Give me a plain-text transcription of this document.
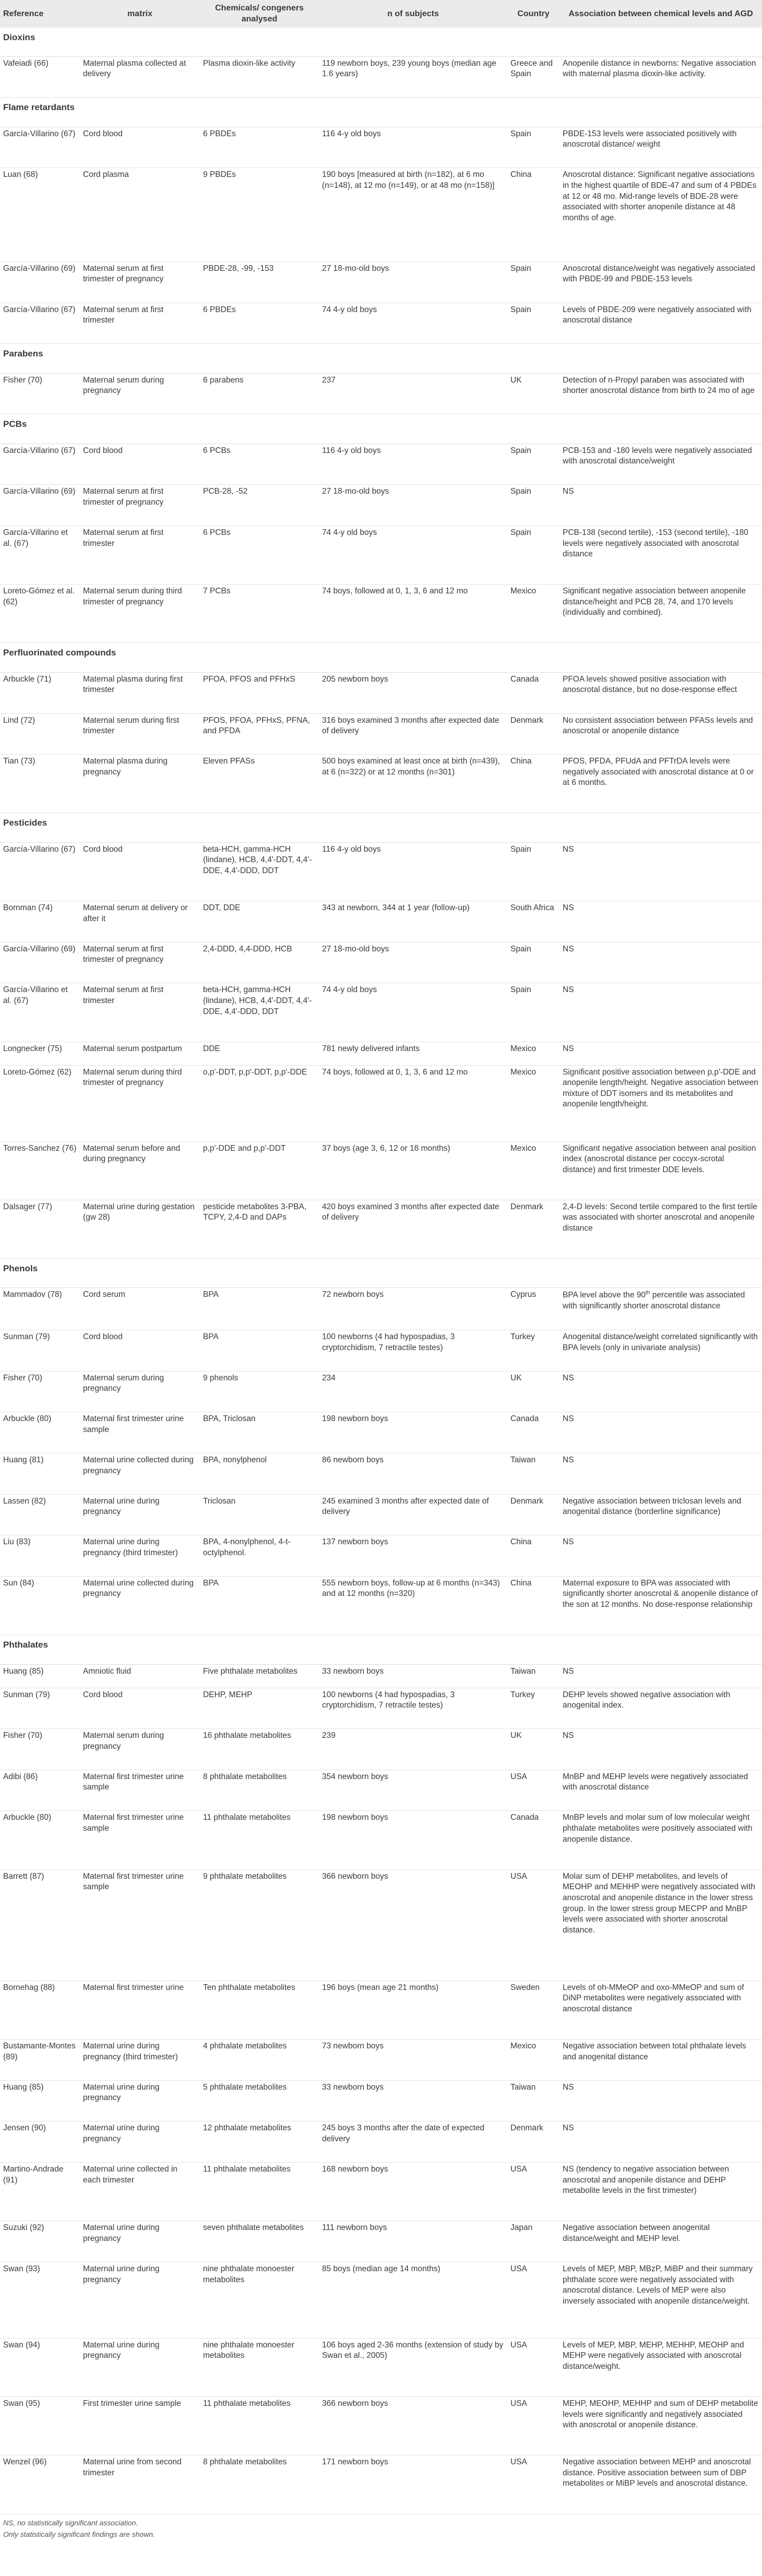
Reference	matrix	Chemicals/ congeners analysed	n of subjects	Country	Association between chemical levels and AGD
Dioxins					
Vafeiadi (66)	Maternal plasma collected at delivery	Plasma dioxin-like activity	119 newborn boys, 239 young boys (median age 1.6 years)	Greece and Spain	Anopenile distance in newborns: Negative association with maternal plasma dioxin-like activity.
Flame retardants					
García-Villarino (67)	Cord blood	6 PBDEs	116 4-y old boys	Spain	PBDE-153 levels were associated positively with anoscrotal distance/ weight
Luan (68)	Cord plasma	9 PBDEs	190 boys [measured at birth (n=182), at 6 mo (n=148), at 12 mo (n=149), or at 48 mo (n=158)]	China	Anoscrotal distance: Significant negative associations in the highest quartile of BDE-47 and sum of 4 PBDEs at 12 or 48 mo. Mid-range levels of BDE-28 were associated with shorter anopenile distance at 48 months of age.
García-Villarino (69)	Maternal serum at first trimester of pregnancy	PBDE-28, -99, -153	27 18-mo-old boys	Spain	Anoscrotal distance/weight was negatively associated with PBDE-99 and PBDE-153 levels
García-Villarino (67)	Maternal serum at first trimester	6 PBDEs	74 4-y old boys	Spain	Levels of PBDE-209 were negatively associated with anoscrotal distance
Parabens					
Fisher (70)	Maternal serum during pregnancy	6 parabens	237	UK	Detection of n-Propyl paraben was associated with shorter anoscrotal distance from birth to 24 mo of age
PCBs					
García-Villarino (67)	Cord blood	6 PCBs	116 4-y old boys	Spain	PCB-153 and -180 levels were negatively associated with anoscrotal distance/weight
García-Villarino (69)	Maternal serum at first trimester of pregnancy	PCB-28, -52	27 18-mo-old boys	Spain	NS
García-Villarino et al. (67)	Maternal serum at first trimester	6 PCBs	74 4-y old boys	Spain	PCB-138 (second tertile), -153 (second tertile), -180 levels were negatively associated with anoscrotal distance
Loreto-Gómez et al. (62)	Maternal serum during third trimester of pregnancy	7 PCBs	74 boys, followed at 0, 1, 3, 6 and 12 mo	Mexico	Significant negative association between anopenile distance/height and PCB 28, 74, and 170 levels (individually and combined).
Perfluorinated compounds					
Arbuckle (71)	Maternal plasma during first trimester	PFOA, PFOS and PFHxS	205 newborn boys	Canada	PFOA levels showed positive association with anoscrotal distance, but no dose-response effect
Lind (72)	Maternal serum during first trimester	PFOS, PFOA, PFHxS, PFNA, and PFDA	316 boys examined 3 months after expected date of delivery	Denmark	No consistent association between PFASs levels and anoscrotal or anopenile distance
Tian (73)	Maternal plasma during pregnancy	Eleven PFASs	500 boys examined at least once at birth (n=439), at 6 (n=322) or at 12 months (n=301)	China	PFOS, PFDA, PFUdA and PFTrDA levels were negatively associated with anoscrotal distance at 0 or at 6 months.
Pesticides					
García-Villarino (67)	Cord blood	beta-HCH, gamma-HCH (lindane), HCB, 4,4'-DDT, 4,4'-DDE, 4,4'-DDD, DDT	116 4-y old boys	Spain	NS
Bornman (74)	Maternal serum at delivery or after it	DDT, DDE	343 at newborn, 344 at 1 year (follow-up)	South Africa	NS
García-Villarino (69)	Maternal serum at first trimester of pregnancy	2,4-DDD, 4,4-DDD, HCB	27 18-mo-old boys	Spain	NS
García-Villarino et al. (67)	Maternal serum at first trimester	beta-HCH, gamma-HCH (lindane), HCB, 4,4'-DDT, 4,4'-DDE, 4,4'-DDD, DDT	74 4-y old boys	Spain	NS
Longnecker (75)	Maternal serum postpartum	DDE	781 newly delivered infants	Mexico	NS
Loreto-Gómez (62)	Maternal serum during third trimester of pregnancy	o,p'-DDT, p,p'-DDT, p,p'-DDE	74 boys, followed at 0, 1, 3, 6 and 12 mo	Mexico	Significant positive association between p,p'-DDE and anopenile length/height. Negative association between mixture of DDT isomers and its metabolites and anopenile length/height.
Torres-Sanchez (76)	Maternal serum before and during pregnancy	p,p'-DDE and p,p'-DDT	37 boys (age 3, 6, 12 or 18 months)	Mexico	Significant negative association between anal position index (anoscrotal distance per coccyx-scrotal distance) and first trimester DDE levels.
Dalsager (77)	Maternal urine during gestation (gw 28)	pesticide metabolites 3-PBA, TCPY, 2,4-D and DAPs	420 boys examined 3 months after expected date of delivery	Denmark	2,4-D levels: Second tertile compared to the first tertile was associated with shorter anoscrotal and anopenile distance
Phenols					
Mammadov (78)	Cord serum	BPA	72 newborn boys	Cyprus	BPA level above the 90th percentile was associated with significantly shorter anoscrotal distance
Sunman (79)	Cord blood	BPA	100 newborns (4 had hypospadias, 3 cryptorchidism, 7 retractile testes)	Turkey	Anogenital distance/weight correlated significantly with BPA levels (only in univariate analysis)
Fisher (70)	Maternal serum during pregnancy	9 phenols	234	UK	NS
Arbuckle (80)	Maternal first trimester urine sample	BPA, Triclosan	198 newborn boys	Canada	NS
Huang (81)	Maternal urine collected during pregnancy	BPA, nonylphenol	86 newborn boys	Taiwan	NS
Lassen (82)	Maternal urine during pregnancy	Triclosan	245 examined 3 months after expected date of delivery	Denmark	Negative association between triclosan levels and anogenital distance (borderline significance)
Liu (83)	Maternal urine during pregnancy (third trimester)	BPA, 4-nonylphenol, 4-t-octylphenol.	137 newborn boys	China	NS
Sun (84)	Maternal urine collected during pregnancy	BPA	555 newborn boys, follow-up at 6 months (n=343) and at 12 months (n=320)	China	Maternal exposure to BPA was associated with significantly shorter anoscrotal & anopenile distance of the son at 12 months. No dose-response relationship
Phthalates					
Huang (85)	Amniotic fluid	Five phthalate metabolites	33 newborn boys	Taiwan	NS
Sunman (79)	Cord blood	DEHP, MEHP	100 newborns (4 had hypospadias, 3 cryptorchidism, 7 retractile testes)	Turkey	DEHP levels showed negative association with anogenital index.
Fisher (70)	Maternal serum during pregnancy	16 phthalate metabolites	239	UK	NS
Adibi (86)	Maternal first trimester urine sample	8 phthalate metabolites	354 newborn boys	USA	MnBP and MEHP levels were negatively associated with anoscrotal distance
Arbuckle (80)	Maternal first trimester urine sample	11 phthalate metabolites	198 newborn boys	Canada	MnBP levels and molar sum of low molecular weight phthalate metabolites were positively associated with anopenile distance.
Barrett (87)	Maternal first trimester urine sample	9 phthalate metabolites	366 newborn boys	USA	Molar sum of DEHP metabolites, and levels of MEOHP and MEHHP were negatively associated with anoscrotal and anopenile distance in the lower stress group. In the lower stress group MECPP and MnBP levels were associated with shorter anoscrotal distance.
Bornehag (88)	Maternal first trimester urine	Ten phthalate metabolites	196 boys (mean age 21 months)	Sweden	Levels of oh-MMeOP and oxo-MMeOP and sum of DiNP metabolites were negatively associated with anoscrotal distance
Bustamante-Montes (89)	Maternal urine during pregnancy (third trimester)	4 phthalate metabolites	73 newborn boys	Mexico	Negative association between total phthalate levels and anogenital distance
Huang (85)	Maternal urine during pregnancy	5 phthalate metabolites	33 newborn boys	Taiwan	NS
Jensen (90)	Maternal urine during pregnancy	12 phthalate metabolites	245 boys 3 months after the date of expected delivery	Denmark	NS
Martino-Andrade (91)	Maternal urine collected in each trimester	11 phthalate metabolites	168 newborn boys	USA	NS (tendency to negative association between anoscrotal and anopenile distance and DEHP metabolite levels in the first trimester)
Suzuki (92)	Maternal urine during pregnancy	seven phthalate metabolites	111 newborn boys	Japan	Negative association between anogenital distance/weight and MEHP level.
Swan (93)	Maternal urine during pregnancy	nine phthalate monoester metabolites	85 boys (median age 14 months)	USA	Levels of MEP, MBP, MBzP, MiBP and their summary phthalate score were negatively associated with anoscrotal distance. Levels of MEP were also inversely associated with anopenile distance/weight.
Swan (94)	Maternal urine during pregnancy	nine phthalate monoester metabolites	106 boys aged 2-36 months (extension of study by Swan et al., 2005)	USA	Levels of MEP, MBP, MEHP, MEHHP, MEOHP and MEHP were negatively associated with anoscrotal distance/weight.
Swan (95)	First trimester urine sample	11 phthalate metabolites	366 newborn boys	USA	MEHP, MEOHP, MEHHP and sum of DEHP metabolite levels were significantly and negatively associated with anoscrotal or anopenile distance.
Wenzel (96)	Maternal urine from second trimester	8 phthalate metabolites	171 newborn boys	USA	Negative association between MEHP and anoscrotal distance. Positive association between sum of DBP metabolites or MiBP levels and anoscrotal distance.
NS, no statistically significant association.
Only statistically significant findings are shown.
